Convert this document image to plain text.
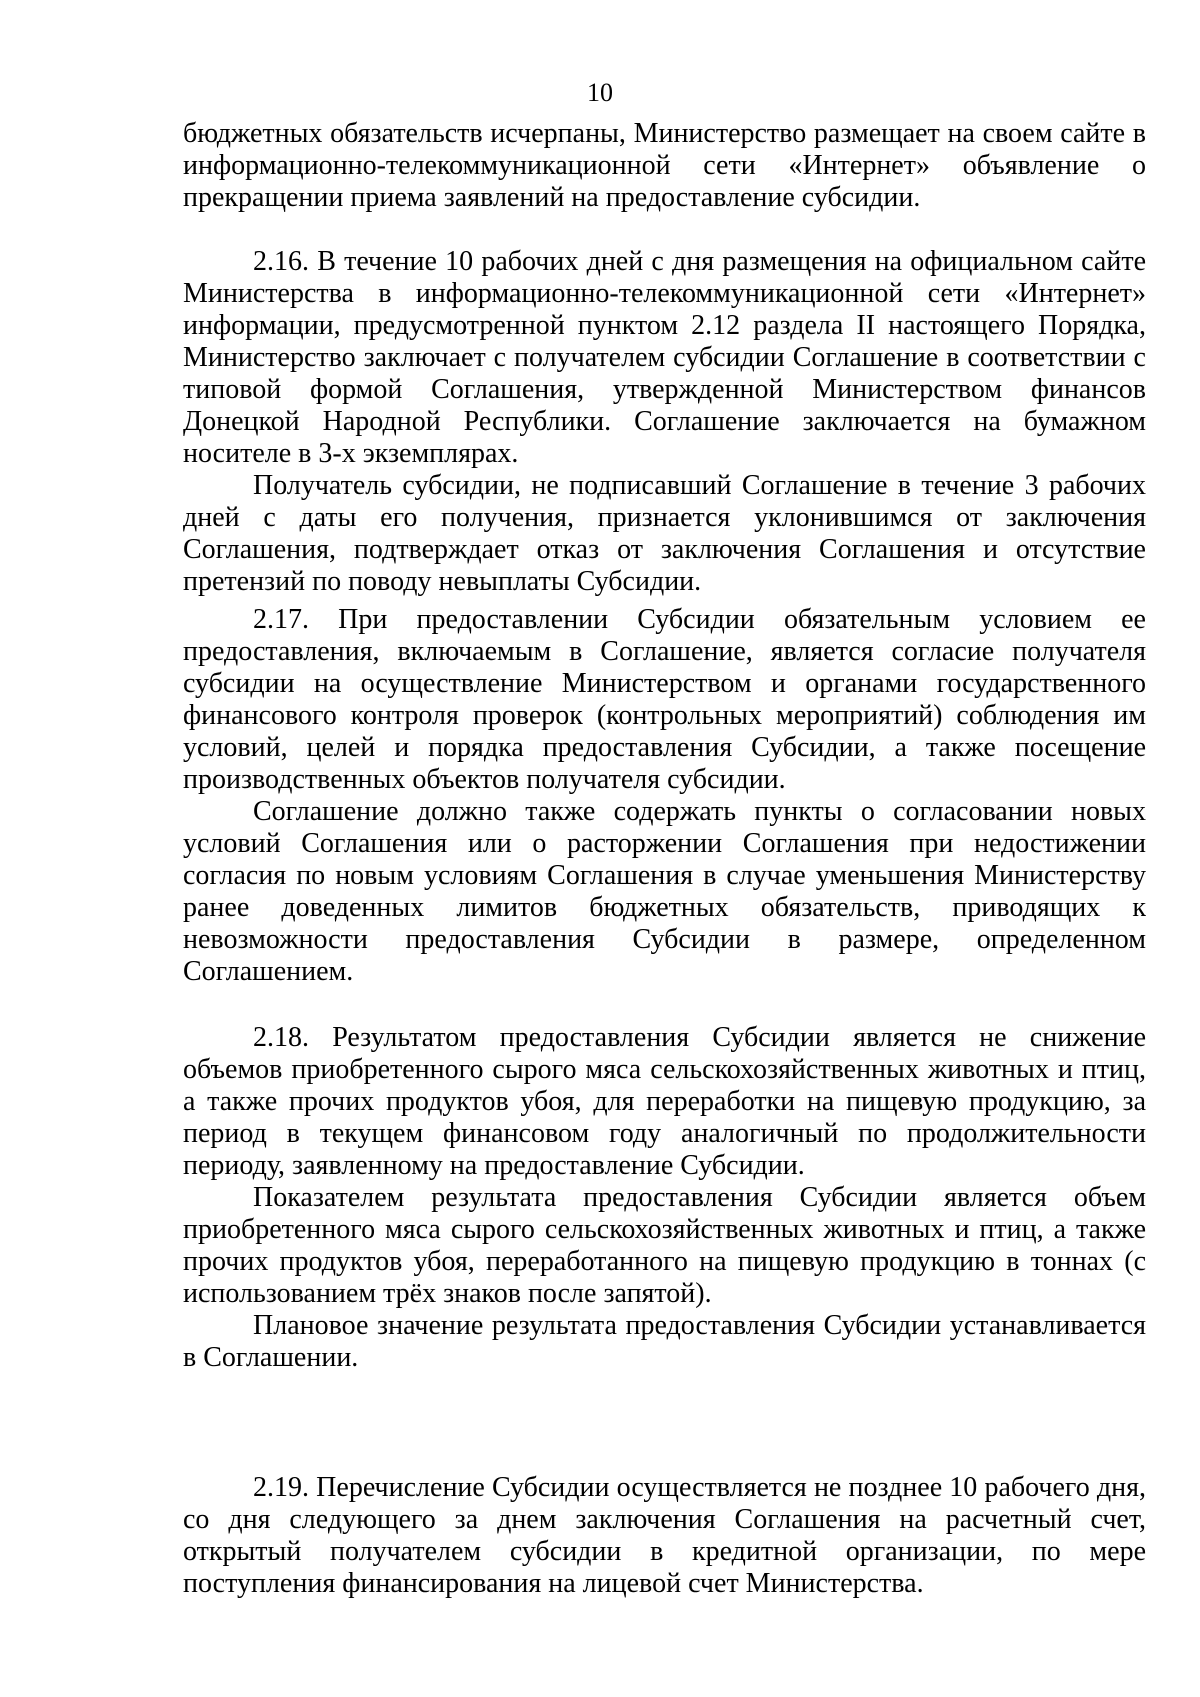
10

бюджетных обязательств исчерпаны, Министерство размещает на своем сайте в информационно-телекоммуникационной сети «Интернет» объявление о прекращении приема заявлений на предоставление субсидии.

2.16. В течение 10 рабочих дней с дня размещения на официальном сайте Министерства в информационно-телекоммуникационной сети «Интернет» информации, предусмотренной пунктом 2.12 раздела II настоящего Порядка, Министерство заключает с получателем субсидии Соглашение в соответствии с типовой формой Соглашения, утвержденной Министерством финансов Донецкой Народной Республики. Соглашение заключается на бумажном носителе в 3-х экземплярах.

Получатель субсидии, не подписавший Соглашение в течение 3 рабочих дней с даты его получения, признается уклонившимся от заключения Соглашения, подтверждает отказ от заключения Соглашения и отсутствие претензий по поводу невыплаты Субсидии.

2.17. При предоставлении Субсидии обязательным условием ее предоставления, включаемым в Соглашение, является согласие получателя субсидии на осуществление Министерством и органами государственного финансового контроля проверок (контрольных мероприятий) соблюдения им условий, целей и порядка предоставления Субсидии, а также посещение производственных объектов получателя субсидии.

Соглашение должно также содержать пункты о согласовании новых условий Соглашения или о расторжении Соглашения при недостижении согласия по новым условиям Соглашения в случае уменьшения Министерству ранее доведенных лимитов бюджетных обязательств, приводящих к невозможности предоставления Субсидии в размере, определенном Соглашением.

2.18. Результатом предоставления Субсидии является не снижение объемов приобретенного сырого мяса сельскохозяйственных животных и птиц, а также прочих продуктов убоя, для переработки на пищевую продукцию, за период в текущем финансовом году аналогичный по продолжительности периоду, заявленному на предоставление Субсидии.

Показателем результата предоставления Субсидии является объем приобретенного мяса сырого сельскохозяйственных животных и птиц, а также прочих продуктов убоя, переработанного на пищевую продукцию в тоннах (с использованием трёх знаков после запятой).

Плановое значение результата предоставления Субсидии устанавливается в Соглашении.

2.19. Перечисление Субсидии осуществляется не позднее 10 рабочего дня, со дня следующего за днем заключения Соглашения на расчетный счет, открытый получателем субсидии в кредитной организации, по мере поступления финансирования на лицевой счет Министерства.
